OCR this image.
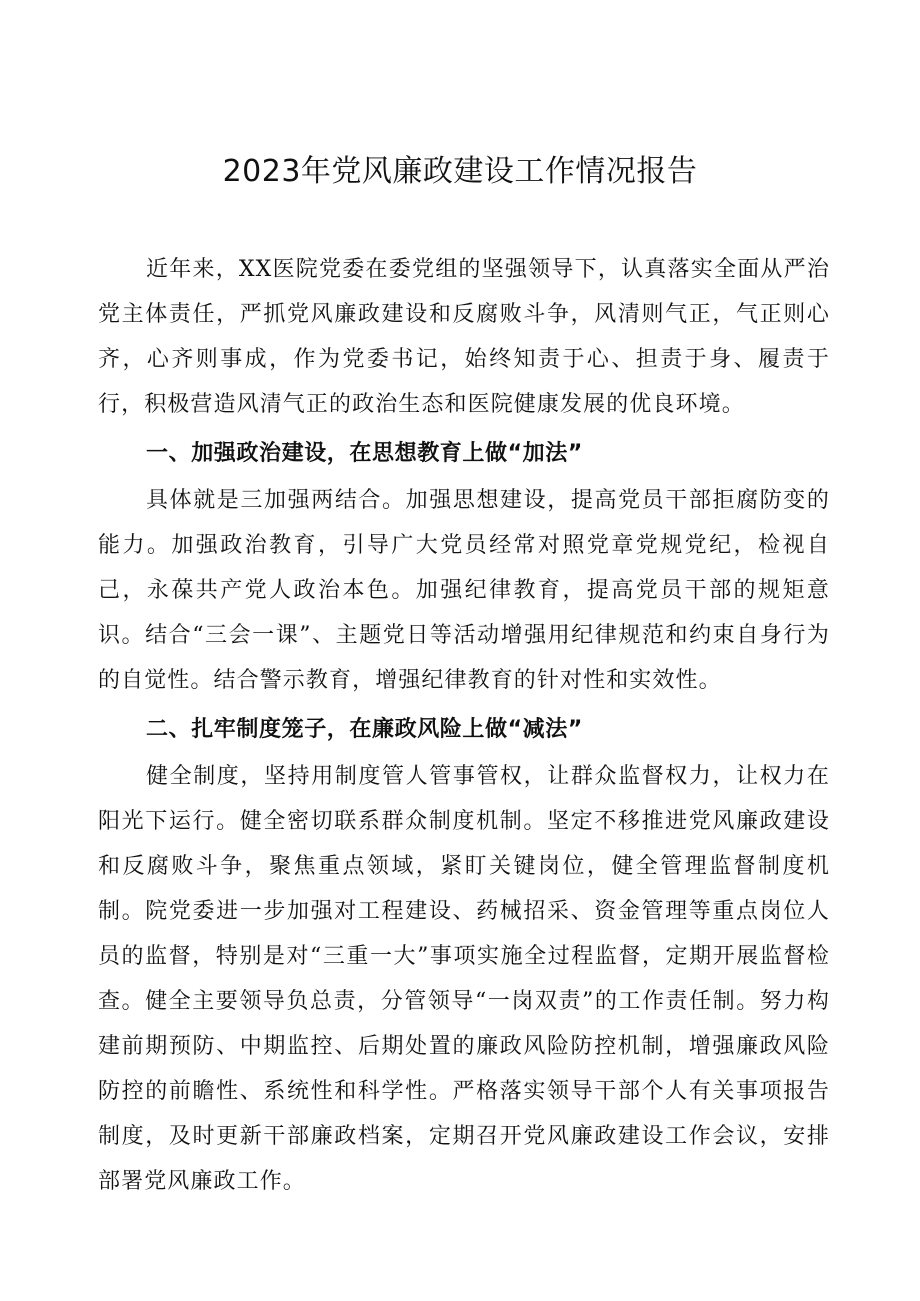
2023年党风廉政建设工作情况报告

近年来，XX医院党委在委党组的坚强领导下，认真落实全面从严治党主体责任，严抓党风廉政建设和反腐败斗争，风清则气正，气正则心齐，心齐则事成，作为党委书记，始终知责于心、担责于身、履责于行，积极营造风清气正的政治生态和医院健康发展的优良环境。

一、加强政治建设，在思想教育上做“加法”

具体就是三加强两结合。加强思想建设，提高党员干部拒腐防变的能力。加强政治教育，引导广大党员经常对照党章党规党纪，检视自己，永葆共产党人政治本色。加强纪律教育，提高党员干部的规矩意识。结合“三会一课”、主题党日等活动增强用纪律规范和约束自身行为的自觉性。结合警示教育，增强纪律教育的针对性和实效性。

二、扎牢制度笼子，在廉政风险上做“减法”

健全制度，坚持用制度管人管事管权，让群众监督权力，让权力在阳光下运行。健全密切联系群众制度机制。坚定不移推进党风廉政建设和反腐败斗争，聚焦重点领域，紧盯关键岗位，健全管理监督制度机制。院党委进一步加强对工程建设、药械招采、资金管理等重点岗位人员的监督，特别是对“三重一大”事项实施全过程监督，定期开展监督检查。健全主要领导负总责，分管领导“一岗双责”的工作责任制。努力构建前期预防、中期监控、后期处置的廉政风险防控机制，增强廉政风险防控的前瞻性、系统性和科学性。严格落实领导干部个人有关事项报告制度，及时更新干部廉政档案，定期召开党风廉政建设工作会议，安排部署党风廉政工作。
